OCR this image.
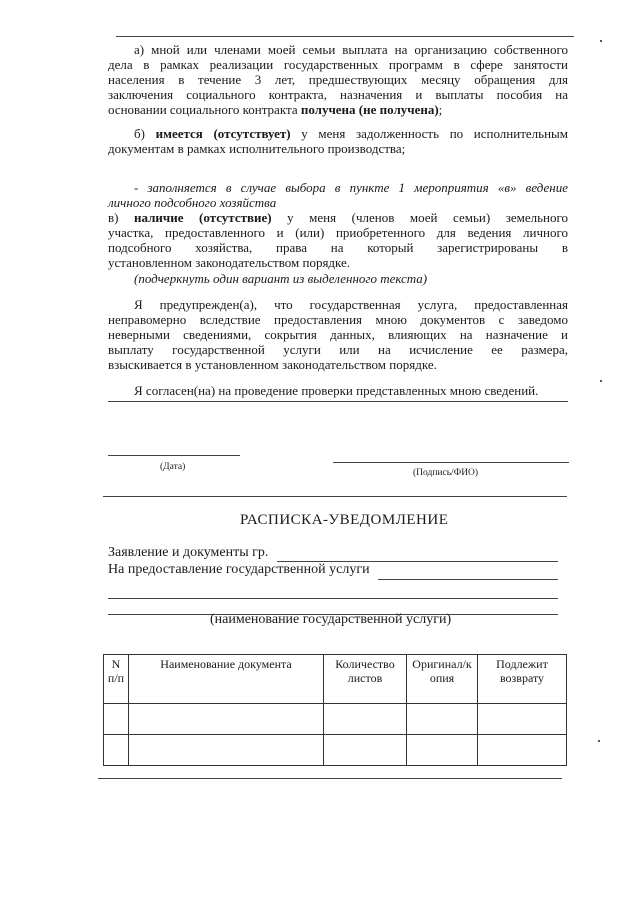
а) мной или членами моей семьи выплата на организацию собственного
дела в рамках реализации государственных программ в сфере занятости
населения в течение 3 лет, предшествующих месяцу обращения для
заключения социального контракта, назначения и выплаты пособия на
основании социального контракта получена (не получена);
б) имеется (отсутствует) у меня задолженность по исполнительным
документам в рамках исполнительного производства;
- заполняется в случае выбора в пункте 1 мероприятия «в» ведение
личного подсобного хозяйства
в) наличие (отсутствие) у меня (членов моей семьи) земельного
участка, предоставленного и (или) приобретенного для ведения личного
подсобного хозяйства, права на который зарегистрированы в
установленном законодательством порядке.
(подчеркнуть один вариант из выделенного текста)
Я предупрежден(а), что государственная услуга, предоставленная
неправомерно вследствие предоставления мною документов с заведомо
неверными сведениями, сокрытия данных, влияющих на назначение и
выплату государственной услуги или на исчисление ее размера,
взыскивается в установленном законодательством порядке.
Я согласен(на) на проведение проверки представленных мною сведений.
(Дата)
(Подпись/ФИО)
РАСПИСКА-УВЕДОМЛЕНИЕ
Заявление и документы гр.
На предоставление государственной услуги
(наименование государственной услуги)
N п/п	Наименование документа	Количество листов	Оригинал/к опия	Подлежит возврату
